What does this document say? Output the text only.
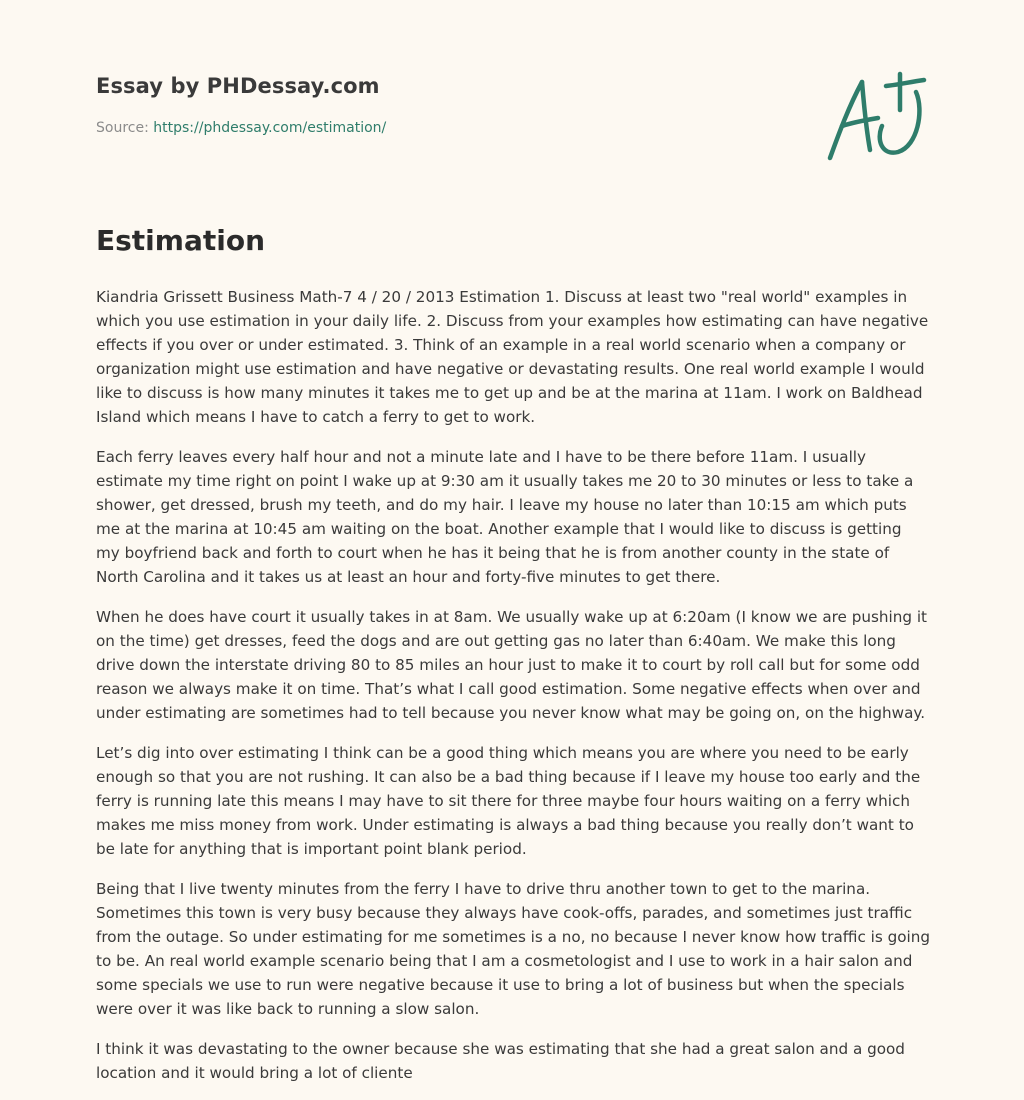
Essay by PHDessay.com
Source: https://phdessay.com/estimation/
Estimation

Kiandria Grissett Business Math-7 4 / 20 / 2013 Estimation 1. Discuss at least two "real world" examples in which you use estimation in your daily life. 2. Discuss from your examples how estimating can have negative effects if you over or under estimated. 3. Think of an example in a real world scenario when a company or organization might use estimation and have negative or devastating results. One real world example I would like to discuss is how many minutes it takes me to get up and be at the marina at 11am. I work on Baldhead Island which means I have to catch a ferry to get to work.

Each ferry leaves every half hour and not a minute late and I have to be there before 11am. I usually estimate my time right on point I wake up at 9:30 am it usually takes me 20 to 30 minutes or less to take a shower, get dressed, brush my teeth, and do my hair. I leave my house no later than 10:15 am which puts me at the marina at 10:45 am waiting on the boat. Another example that I would like to discuss is getting my boyfriend back and forth to court when he has it being that he is from another county in the state of North Carolina and it takes us at least an hour and forty-five minutes to get there.

When he does have court it usually takes in at 8am. We usually wake up at 6:20am (I know we are pushing it on the time) get dresses, feed the dogs and are out getting gas no later than 6:40am. We make this long drive down the interstate driving 80 to 85 miles an hour just to make it to court by roll call but for some odd reason we always make it on time. That’s what I call good estimation. Some negative effects when over and under estimating are sometimes had to tell because you never know what may be going on, on the highway.

Let’s dig into over estimating I think can be a good thing which means you are where you need to be early enough so that you are not rushing. It can also be a bad thing because if I leave my house too early and the ferry is running late this means I may have to sit there for three maybe four hours waiting on a ferry which makes me miss money from work. Under estimating is always a bad thing because you really don’t want to be late for anything that is important point blank period.

Being that I live twenty minutes from the ferry I have to drive thru another town to get to the marina. Sometimes this town is very busy because they always have cook-offs, parades, and sometimes just traffic from the outage. So under estimating for me sometimes is a no, no because I never know how traffic is going to be. An real world example scenario being that I am a cosmetologist and I use to work in a hair salon and some specials we use to run were negative because it use to bring a lot of business but when the specials were over it was like back to running a slow salon.

I think it was devastating to the owner because she was estimating that she had a great salon and a good location and it would bring a lot of cliente
